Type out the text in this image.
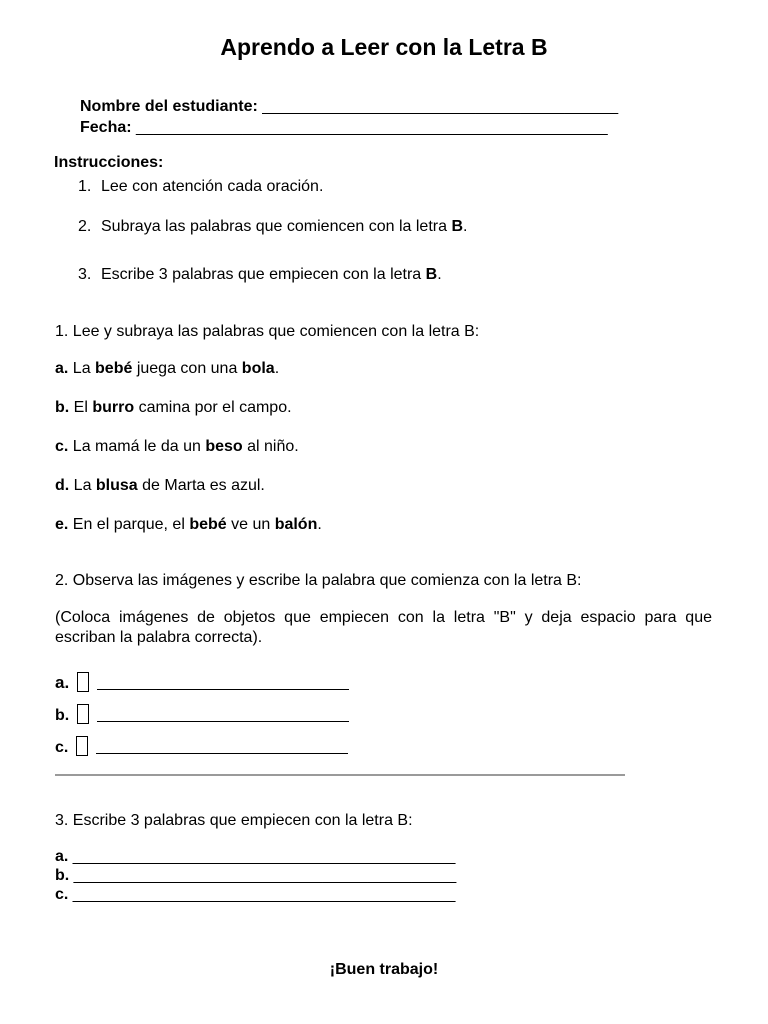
Aprendo a Leer con la Letra B
Nombre del estudiante: ________________________________________
Fecha: _____________________________________________________
Instrucciones:
1. Lee con atención cada oración.
2. Subraya las palabras que comiencen con la letra B.
3. Escribe 3 palabras que empiecen con la letra B.
1. Lee y subraya las palabras que comiencen con la letra B:
a. La bebé juega con una bola.
b. El burro camina por el campo.
c. La mamá le da un beso al niño.
d. La blusa de Marta es azul.
e. En el parque, el bebé ve un balón.
2. Observa las imágenes y escribe la palabra que comienza con la letra B:
(Coloca imágenes de objetos que empiecen con la letra "B" y deja espacio para que escriban la palabra correcta).
a.
b.
c.
3. Escribe 3 palabras que empiecen con la letra B:
a. ___________________________________________
b. ___________________________________________
c. ___________________________________________
¡Buen trabajo!
